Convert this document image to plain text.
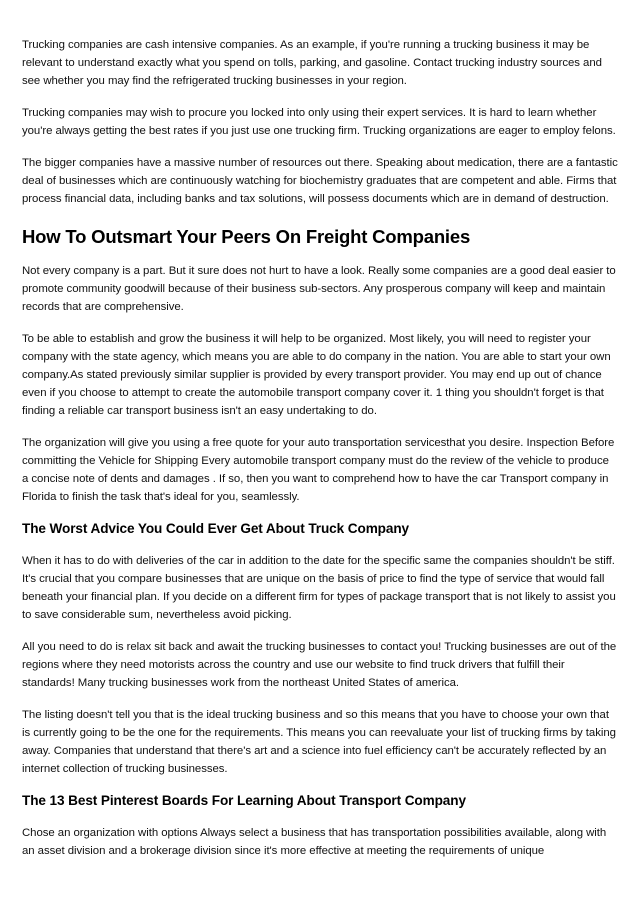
Trucking companies are cash intensive companies. As an example, if you're running a trucking business it may be relevant to understand exactly what you spend on tolls, parking, and gasoline. Contact trucking industry sources and see whether you may find the refrigerated trucking businesses in your region.

Trucking companies may wish to procure you locked into only using their expert services. It is hard to learn whether you're always getting the best rates if you just use one trucking firm. Trucking organizations are eager to employ felons.

The bigger companies have a massive number of resources out there. Speaking about medication, there are a fantastic deal of businesses which are continuously watching for biochemistry graduates that are competent and able. Firms that process financial data, including banks and tax solutions, will possess documents which are in demand of destruction.

How To Outsmart Your Peers On Freight Companies

Not every company is a part. But it sure does not hurt to have a look. Really some companies are a good deal easier to promote community goodwill because of their business sub-sectors. Any prosperous company will keep and maintain records that are comprehensive.

To be able to establish and grow the business it will help to be organized. Most likely, you will need to register your company with the state agency, which means you are able to do company in the nation. You are able to start your own company.As stated previously similar supplier is provided by every transport provider. You may end up out of chance even if you choose to attempt to create the automobile transport company cover it. 1 thing you shouldn't forget is that finding a reliable car transport business isn't an easy undertaking to do.

The organization will give you using a free quote for your auto transportation servicesthat you desire. Inspection Before committing the Vehicle for Shipping Every automobile transport company must do the review of the vehicle to produce a concise note of dents and damages . If so, then you want to comprehend how to have the car Transport company in Florida to finish the task that's ideal for you, seamlessly.

The Worst Advice You Could Ever Get About Truck Company

When it has to do with deliveries of the car in addition to the date for the specific same the companies shouldn't be stiff. It's crucial that you compare businesses that are unique on the basis of price to find the type of service that would fall beneath your financial plan. If you decide on a different firm for types of package transport that is not likely to assist you to save considerable sum, nevertheless avoid picking.

All you need to do is relax sit back and await the trucking businesses to contact you! Trucking businesses are out of the regions where they need motorists across the country and use our website to find truck drivers that fulfill their standards! Many trucking businesses work from the northeast United States of america.

The listing doesn't tell you that is the ideal trucking business and so this means that you have to choose your own that is currently going to be the one for the requirements. This means you can reevaluate your list of trucking firms by taking away. Companies that understand that there's art and a science into fuel efficiency can't be accurately reflected by an internet collection of trucking businesses.

The 13 Best Pinterest Boards For Learning About Transport Company

Chose an organization with options Always select a business that has transportation possibilities available, along with an asset division and a brokerage division since it's more effective at meeting the requirements of unique
